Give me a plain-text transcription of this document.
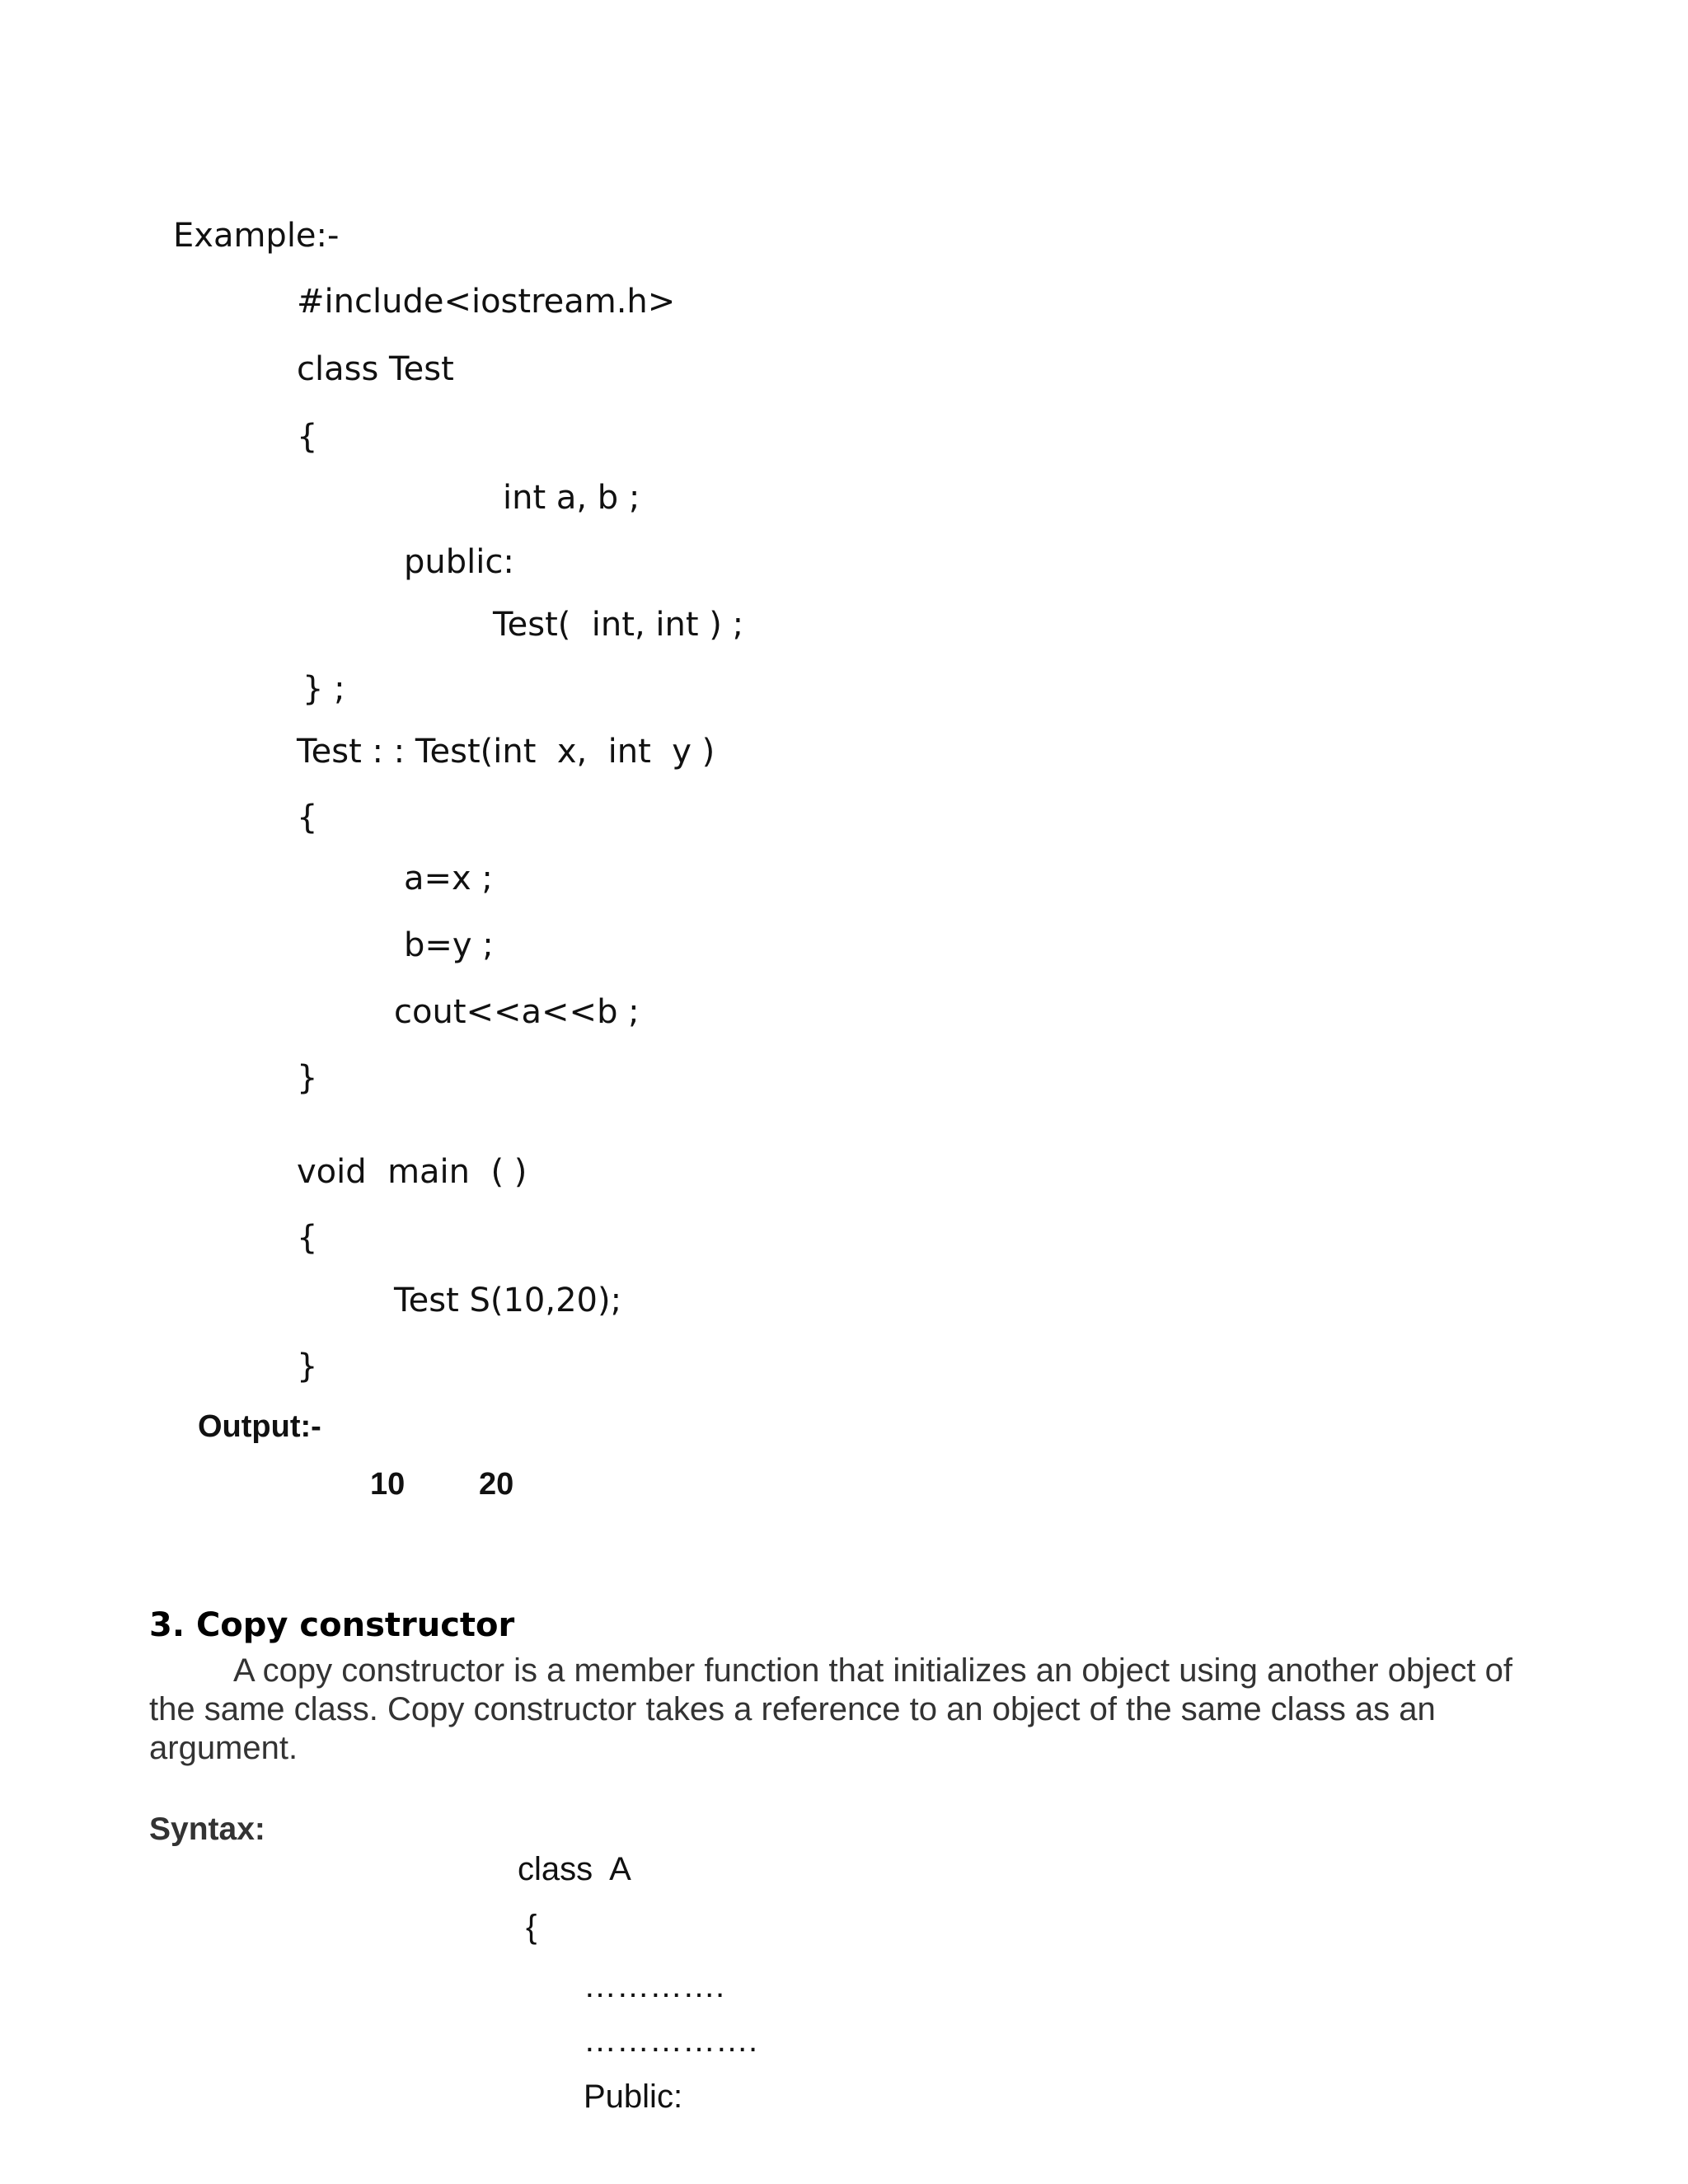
Example:-
#include<iostream.h>
class Test
{
int a, b ;
public:
Test(  int, int ) ;
} ;
Test : : Test(int  x,  int  y )
{
a=x ;
b=y ;
cout<<a<<b ;
}
void  main  ( )
{
Test S(10,20);
}
Output:-
10 20
3. Copy constructor

A copy constructor is a member function that initializes an object using another object of the same class. Copy constructor takes a reference to an object of the same class as an argument.

Syntax:
class  A
{
………….
…………….
Public:
